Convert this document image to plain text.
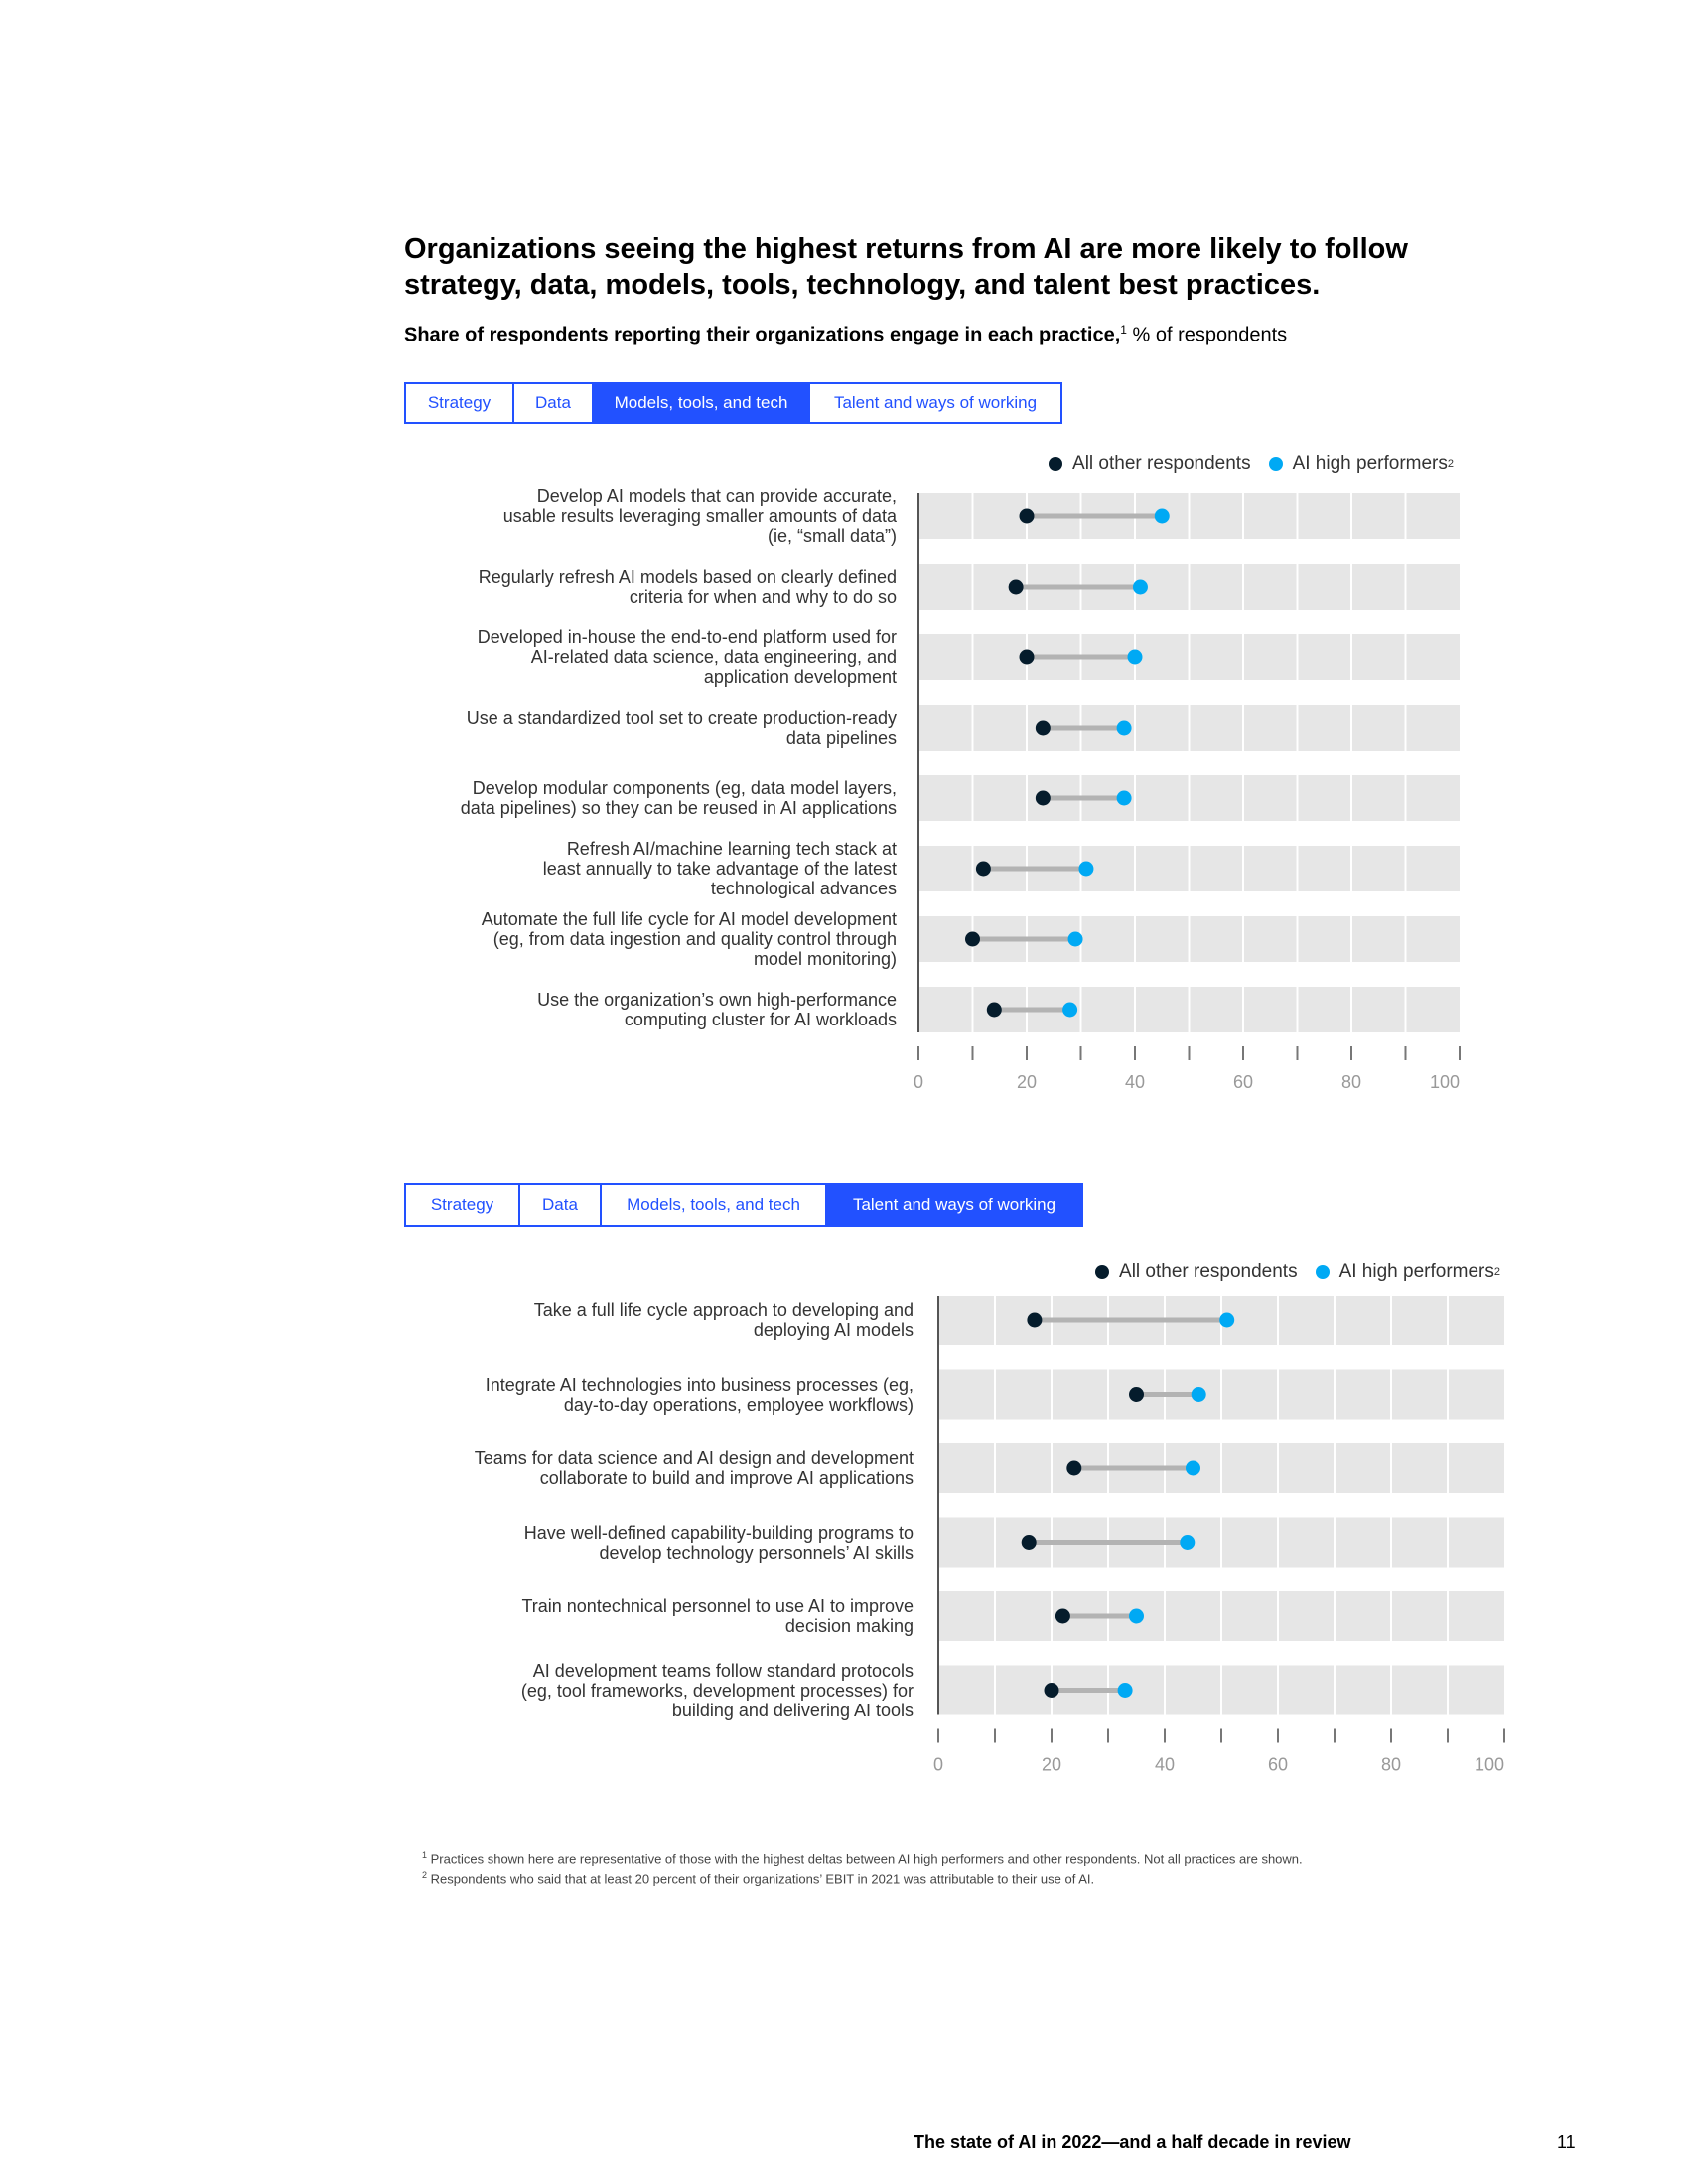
Organizations seeing the highest returns from AI are more likely to follow strategy, data, models, tools, technology, and talent best practices.
Share of respondents reporting their organizations engage in each practice,$^1$ % of respondents
Strategy	Data	Models, tools, and tech	Talent and ways of working
All other respondents AI high performers 2
Develop AI models that can provide accurate,
usable results leveraging smaller amounts of data
(ie, “small data”)
Regularly refresh AI models based on clearly defined
criteria for when and why to do so
Developed in-house the end-to-end platform used for
AI-related data science, data engineering, and
application development
Use a standardized tool set to create production-ready
data pipelines
Develop modular components (eg, data model layers,
data pipelines) so they can be reused in AI applications
Refresh AI/machine learning tech stack at
least annually to take advantage of the latest
technological advances
Automate the full life cycle for AI model development
(eg, from data ingestion and quality control through
model monitoring)
Use the organization’s own high-performance
computing cluster for AI workloads
0	20	40	60	80	100
Strategy	Data	Models, tools, and tech	Talent and ways of working
All other respondents AI high performers 2
Take a full life cycle approach to developing and
deploying AI models
Integrate AI technologies into business processes (eg,
day-to-day operations, employee workflows)
Teams for data science and AI design and development
collaborate to build and improve AI applications
Have well-defined capability-building programs to
develop technology personnels’ AI skills
Train nontechnical personnel to use AI to improve
decision making
AI development teams follow standard protocols
(eg, tool frameworks, development processes) for
building and delivering AI tools
0	20	40	60	80	100
$^1$ Practices shown here are representative of those with the highest deltas between AI high performers and other respondents. Not all practices are shown.
$^2$ Respondents who said that at least 20 percent of their organizations’ EBIT in 2021 was attributable to their use of AI.
The state of AI in 2022—and a half decade in review	11
